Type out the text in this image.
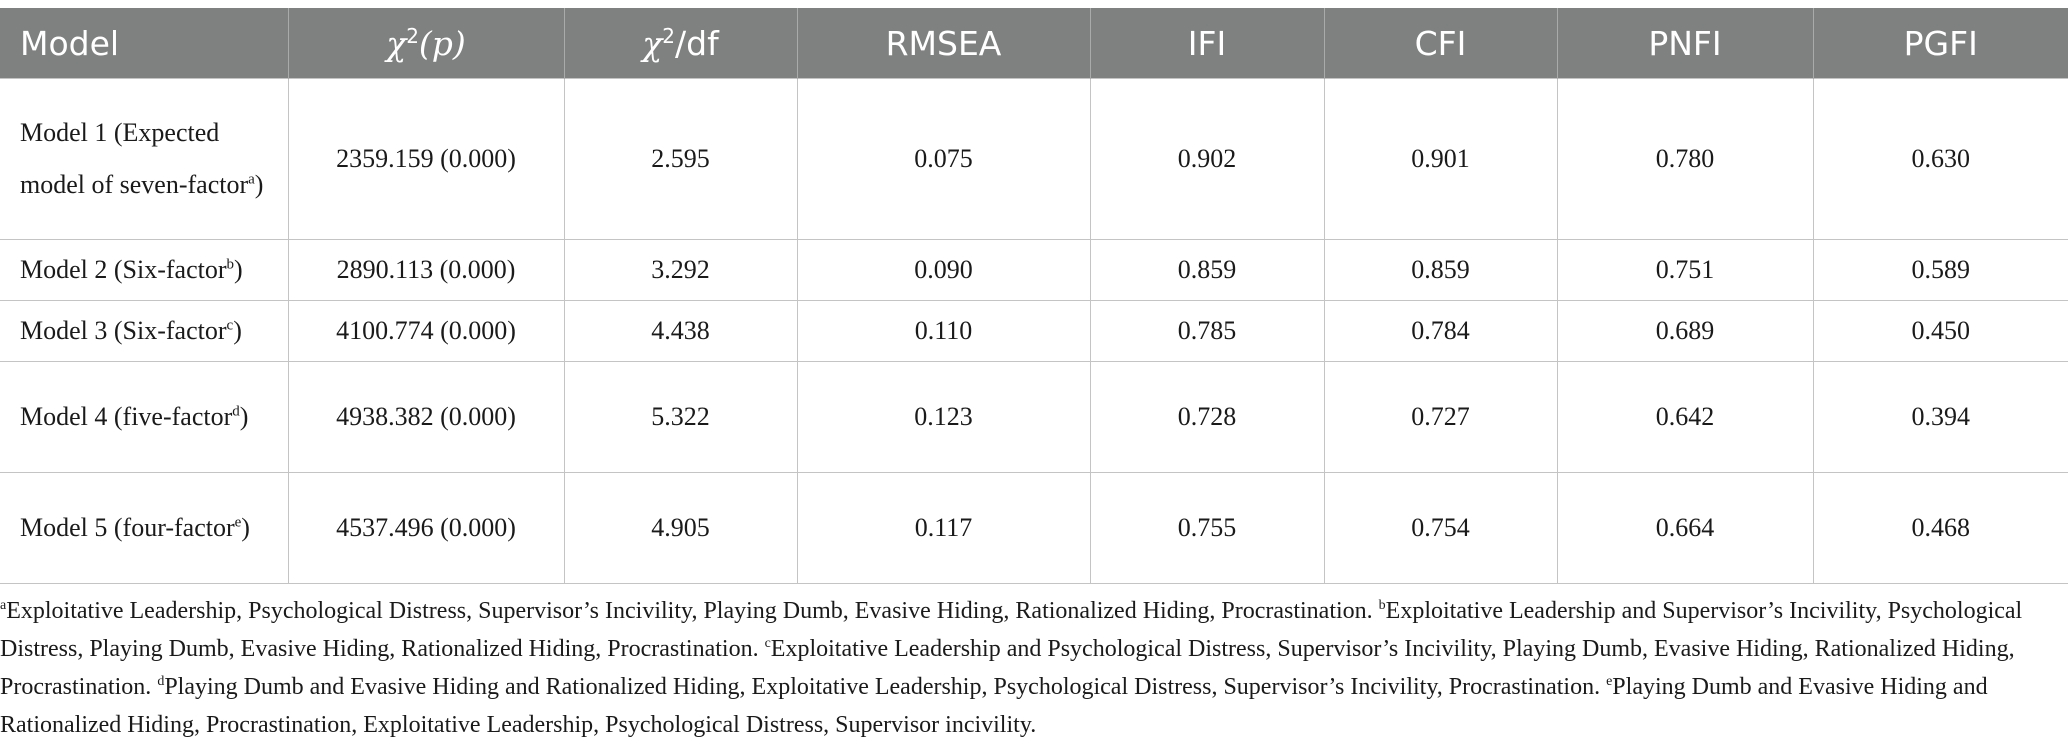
Model	$\chi^2(p)$	$\chi^2/df$	RMSEA	IFI	CFI	PNFI	PGFI
Model 1 (Expected model of seven-factor$^a$)	2359.159 (0.000)	2.595	0.075	0.902	0.901	0.780	0.630
Model 2 (Six-factor$^b$)	2890.113 (0.000)	3.292	0.090	0.859	0.859	0.751	0.589
Model 3 (Six-factor$^c$)	4100.774 (0.000)	4.438	0.110	0.785	0.784	0.689	0.450
Model 4 (five-factor$^d$)	4938.382 (0.000)	5.322	0.123	0.728	0.727	0.642	0.394
Model 5 (four-factor$^e$)	4537.496 (0.000)	4.905	0.117	0.755	0.754	0.664	0.468

$^a$Exploitative Leadership, Psychological Distress, Supervisor’s Incivility, Playing Dumb, Evasive Hiding, Rationalized Hiding, Procrastination. $^b$Exploitative Leadership and Supervisor’s Incivility, Psychological Distress, Playing Dumb, Evasive Hiding, Rationalized Hiding, Procrastination. $^c$Exploitative Leadership and Psychological Distress, Supervisor’s Incivility, Playing Dumb, Evasive Hiding, Rationalized Hiding, Procrastination. $^d$Playing Dumb and Evasive Hiding and Rationalized Hiding, Exploitative Leadership, Psychological Distress, Supervisor’s Incivility, Procrastination. $^e$Playing Dumb and Evasive Hiding and Rationalized Hiding, Procrastination, Exploitative Leadership, Psychological Distress, Supervisor incivility.
